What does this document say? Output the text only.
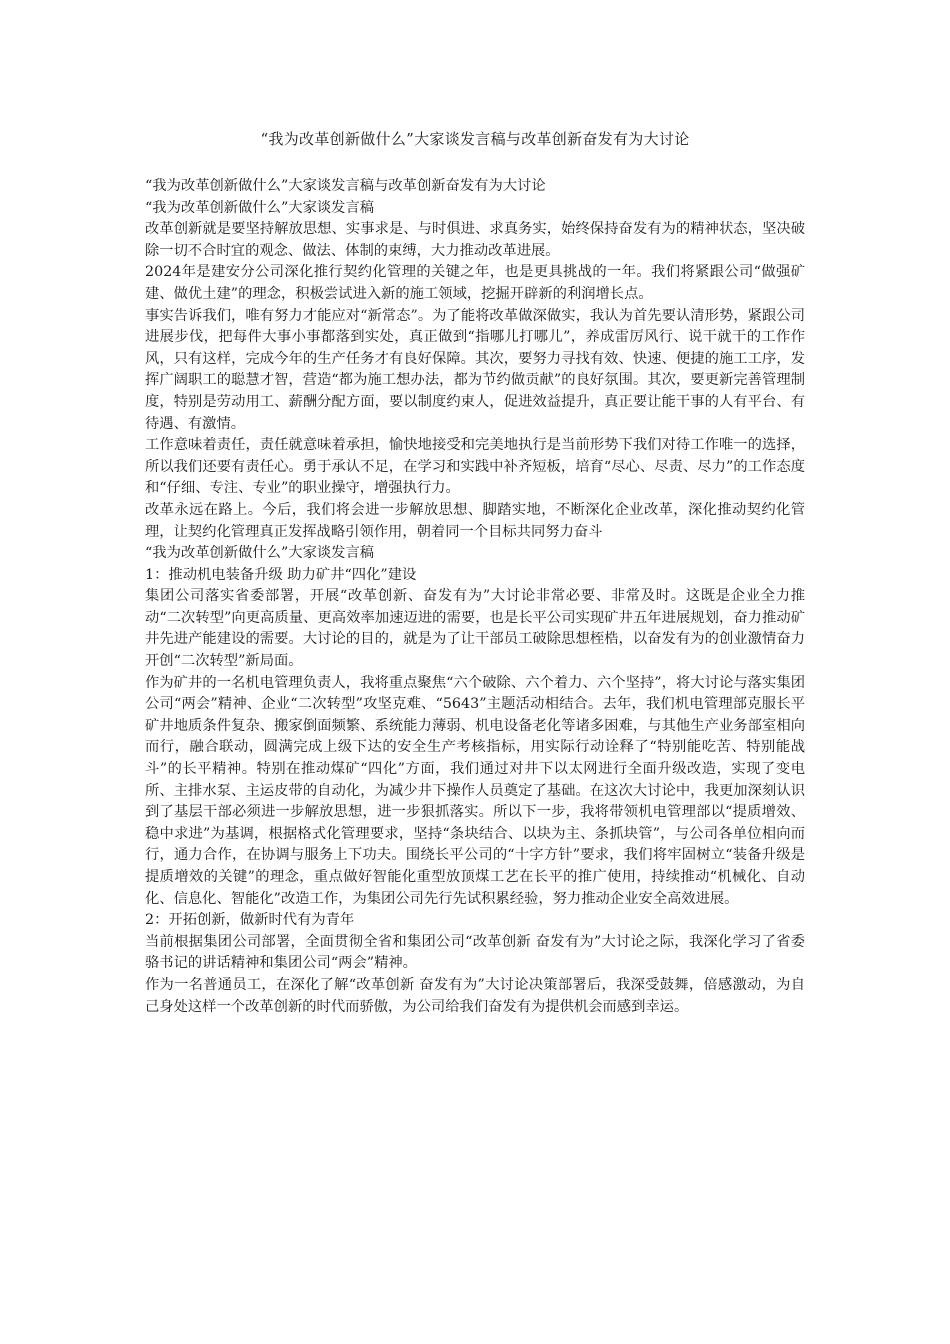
“我为改革创新做什么”大家谈发言稿与改革创新奋发有为大讨论

“我为改革创新做什么”大家谈发言稿与改革创新奋发有为大讨论

“我为改革创新做什么”大家谈发言稿

改革创新就是要坚持解放思想、实事求是、与时俱进、求真务实，始终保持奋发有为的精神状态，坚决破除一切不合时宜的观念、做法、体制的束缚，大力推动改革进展。

2024年是建安分公司深化推行契约化管理的关键之年，也是更具挑战的一年。我们将紧跟公司“做强矿建、做优土建”的理念，积极尝试进入新的施工领域，挖掘开辟新的利润增长点。

事实告诉我们，唯有努力才能应对“新常态”。为了能将改革做深做实，我认为首先要认清形势，紧跟公司进展步伐，把每件大事小事都落到实处，真正做到“指哪儿打哪儿”，养成雷厉风行、说干就干的工作作风，只有这样，完成今年的生产任务才有良好保障。其次，要努力寻找有效、快速、便捷的施工工序，发挥广阔职工的聪慧才智，营造“都为施工想办法，都为节约做贡献”的良好氛围。其次，要更新完善管理制度，特别是劳动用工、薪酬分配方面，要以制度约束人，促进效益提升，真正要让能干事的人有平台、有待遇、有激情。

工作意味着责任，责任就意味着承担，愉快地接受和完美地执行是当前形势下我们对待工作唯一的选择，所以我们还要有责任心。勇于承认不足，在学习和实践中补齐短板，培育“尽心、尽责、尽力”的工作态度和“仔细、专注、专业”的职业操守，增强执行力。

改革永远在路上。今后，我们将会进一步解放思想、脚踏实地，不断深化企业改革，深化推动契约化管理，让契约化管理真正发挥战略引领作用，朝着同一个目标共同努力奋斗

“我为改革创新做什么”大家谈发言稿

1：推动机电装备升级 助力矿井“四化”建设

集团公司落实省委部署，开展“改革创新、奋发有为”大讨论非常必要、非常及时。这既是企业全力推动“二次转型”向更高质量、更高效率加速迈进的需要，也是长平公司实现矿井五年进展规划，奋力推动矿井先进产能建设的需要。大讨论的目的，就是为了让干部员工破除思想桎梏，以奋发有为的创业激情奋力开创“二次转型”新局面。

作为矿井的一名机电管理负责人，我将重点聚焦“六个破除、六个着力、六个坚持”，将大讨论与落实集团公司“两会”精神、企业“二次转型”攻坚克难、“5643”主题活动相结合。去年，我们机电管理部克服长平矿井地质条件复杂、搬家倒面频繁、系统能力薄弱、机电设备老化等诸多困难，与其他生产业务部室相向而行，融合联动，圆满完成上级下达的安全生产考核指标，用实际行动诠释了“特别能吃苦、特别能战斗”的长平精神。特别在推动煤矿“四化”方面，我们通过对井下以太网进行全面升级改造，实现了变电所、主排水泵、主运皮带的自动化，为减少井下操作人员奠定了基础。在这次大讨论中，我更加深刻认识到了基层干部必须进一步解放思想，进一步狠抓落实。所以下一步，我将带领机电管理部以“提质增效、稳中求进”为基调，根据格式化管理要求，坚持“条块结合、以块为主、条抓块管”，与公司各单位相向而行，通力合作，在协调与服务上下功夫。围绕长平公司的“十字方针”要求，我们将牢固树立“装备升级是提质增效的关键”的理念，重点做好智能化重型放顶煤工艺在长平的推广使用，持续推动“机械化、自动化、信息化、智能化”改造工作，为集团公司先行先试积累经验，努力推动企业安全高效进展。

2：开拓创新，做新时代有为青年

当前根据集团公司部署，全面贯彻全省和集团公司“改革创新 奋发有为”大讨论之际，我深化学习了省委骆书记的讲话精神和集团公司“两会”精神。

作为一名普通员工，在深化了解“改革创新 奋发有为”大讨论决策部署后，我深受鼓舞，倍感激动，为自己身处这样一个改革创新的时代而骄傲，为公司给我们奋发有为提供机会而感到幸运。
